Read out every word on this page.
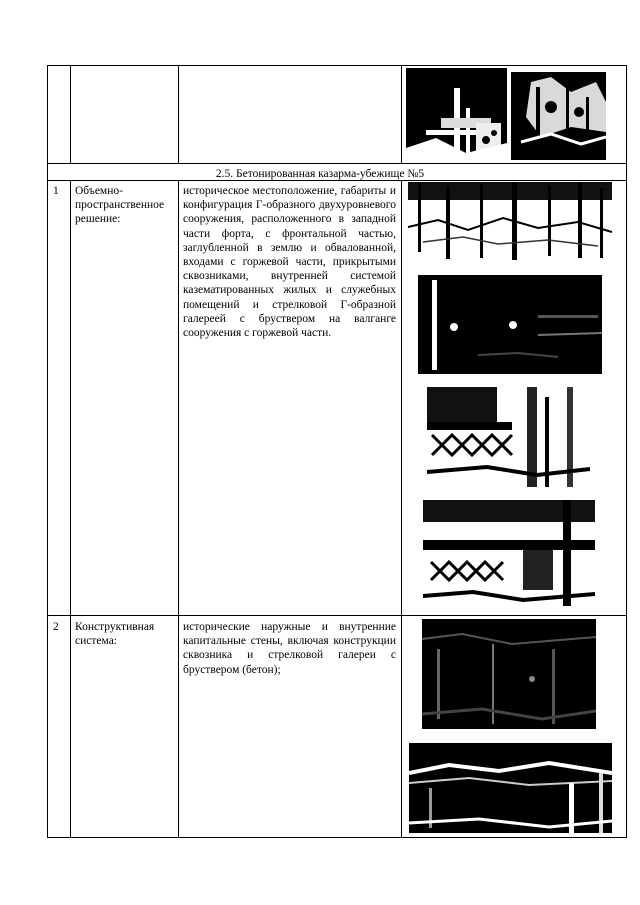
2.5. Бетонированная казарма-убежище №5
1 Объемно-
пространственное
решение:
историческое местоположение, габариты и конфигурация Г-образного двухуровневого сооружения, расположенного в западной части форта, с фронтальной частью, заглубленной в землю и обвалованной, входами с горжевой части, прикрытыми сквозниками, внутренней системой казематированных жилых и служебных помещений и стрелковой Г-образной галереей с бруствером на валганге сооружения с горжевой части.
2 Конструктивная
система:
исторические наружные и внутренние капитальные стены, включая конструкции сквозника и стрелковой галереи с бруствером (бетон);
